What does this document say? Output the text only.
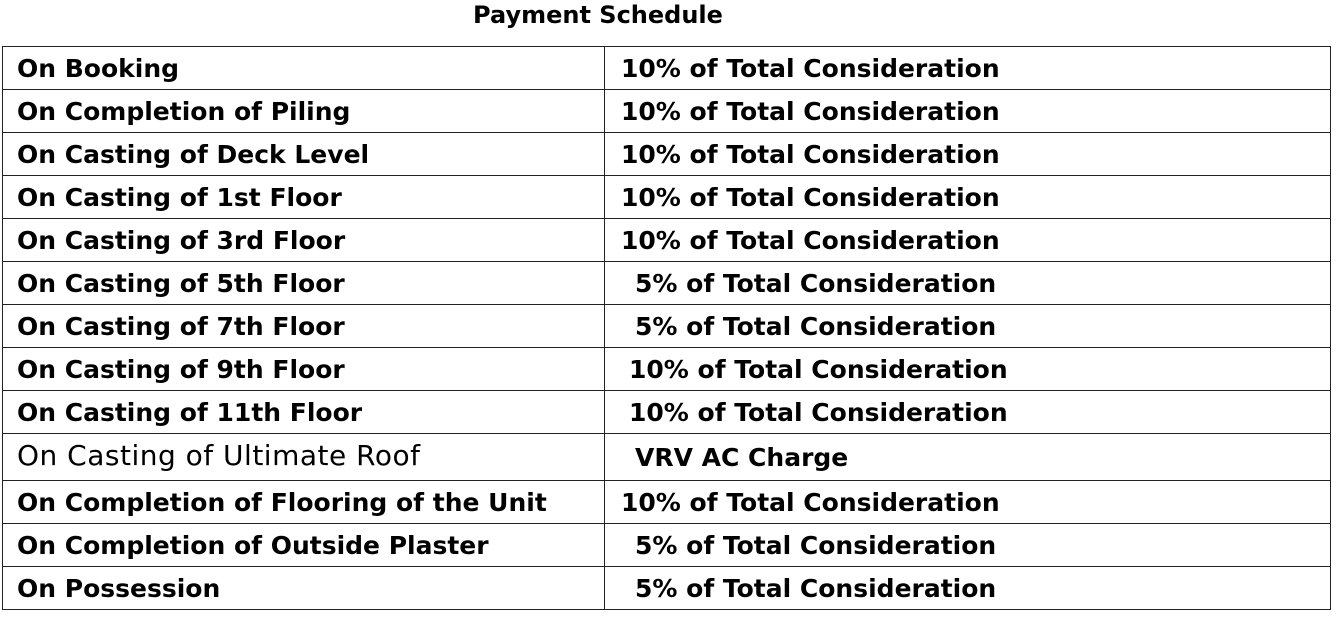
Payment Schedule
On Booking	10% of Total Consideration
On Completion of Piling	10% of Total Consideration
On Casting of Deck Level	10% of Total Consideration
On Casting of 1st Floor	10% of Total Consideration
On Casting of 3rd Floor	10% of Total Consideration
On Casting of 5th Floor	5% of Total Consideration
On Casting of 7th Floor	5% of Total Consideration
On Casting of 9th Floor	10% of Total Consideration
On Casting of 11th Floor	10% of Total Consideration
On Casting of Ultimate Roof	VRV AC Charge
On Completion of Flooring of the Unit	10% of Total Consideration
On Completion of Outside Plaster	5% of Total Consideration
On Possession	5% of Total Consideration
